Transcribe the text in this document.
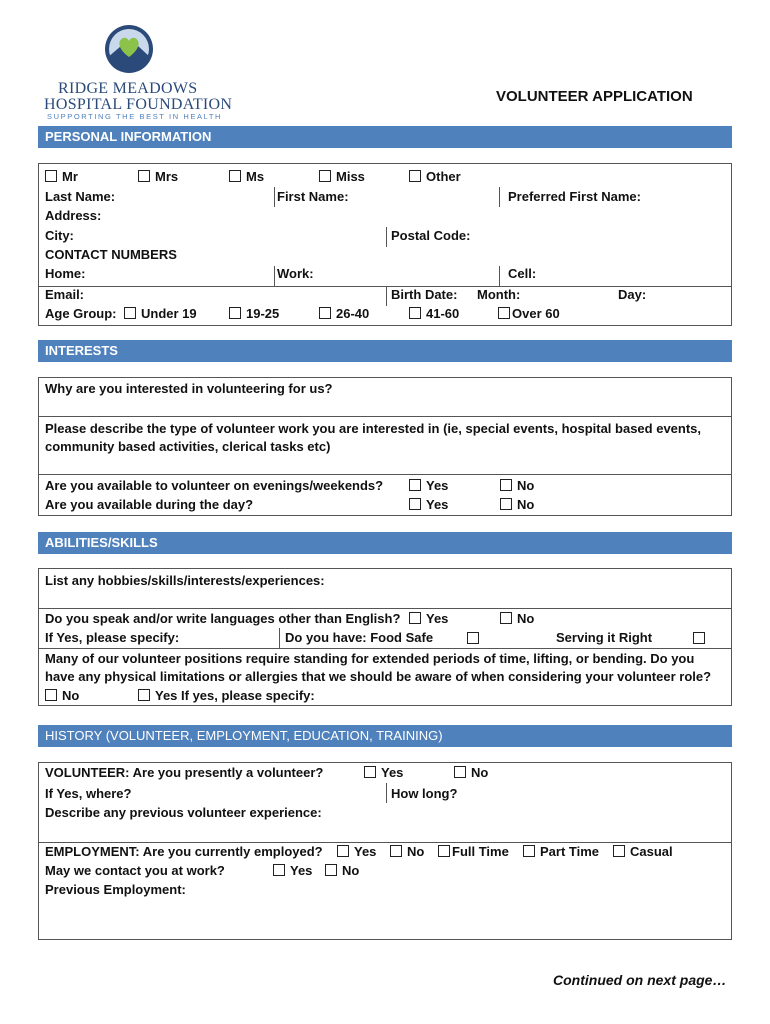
RIDGE MEADOWS
HOSPITAL FOUNDATION
SUPPORTING THE BEST IN HEALTH
VOLUNTEER APPLICATION
PERSONAL INFORMATION
Mr	Mrs	Ms	Miss	Other
Last Name:	First Name:	Preferred First Name:
Address:
City:	Postal Code:
CONTACT NUMBERS
Home:	Work:	Cell:
Email:	Birth Date: Month:	Day:
Age Group:	Under 19	19-25	26-40	41-60	Over 60
INTERESTS
Why are you interested in volunteering for us?
Please describe the type of volunteer work you are interested in (ie, special events, hospital based events,
community based activities, clerical tasks etc)
Are you available to volunteer on evenings/weekends?	Yes	No
Are you available during the day?	Yes	No
ABILITIES/SKILLS
List any hobbies/skills/interests/experiences:
Do you speak and/or write languages other than English?	Yes	No
If Yes, please specify:	Do you have: Food Safe	Serving it Right
Many of our volunteer positions require standing for extended periods of time, lifting, or bending. Do you
have any physical limitations or allergies that we should be aware of when considering your volunteer role?
No	Yes If yes, please specify:
HISTORY (VOLUNTEER, EMPLOYMENT, EDUCATION, TRAINING)
VOLUNTEER: Are you presently a volunteer?	Yes	No
If Yes, where?	How long?
Describe any previous volunteer experience:
EMPLOYMENT: Are you currently employed?	Yes	No	Full Time	Part Time	Casual
May we contact you at work?	Yes	No
Previous Employment:
Continued on next page…
